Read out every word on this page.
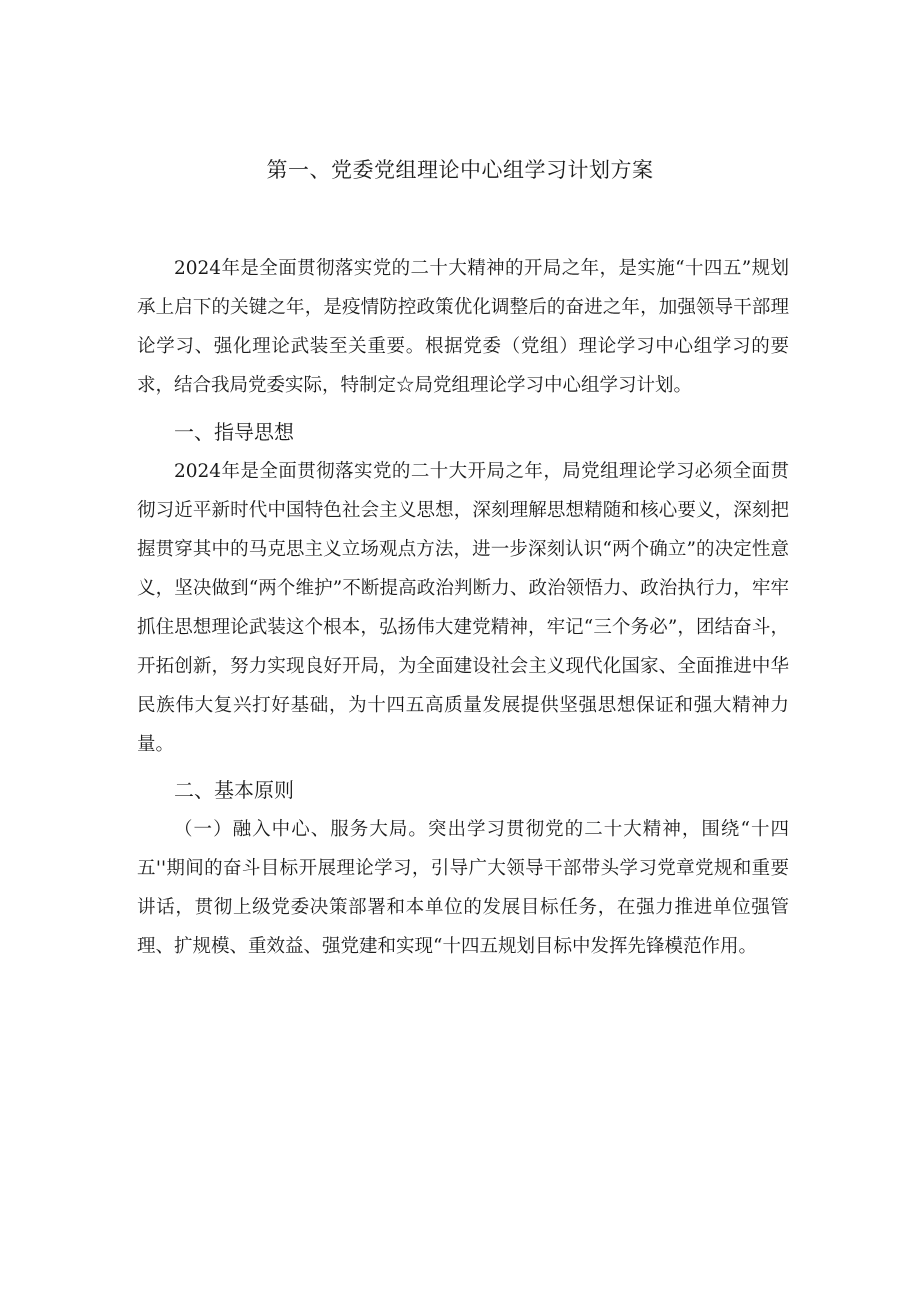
第一、党委党组理论中心组学习计划方案

2024年是全面贯彻落实党的二十大精神的开局之年，是实施“十四五”规划承上启下的关键之年，是疫情防控政策优化调整后的奋进之年，加强领导干部理论学习、强化理论武装至关重要。根据党委（党组）理论学习中心组学习的要求，结合我局党委实际，特制定☆局党组理论学习中心组学习计划。

一、指导思想

2024年是全面贯彻落实党的二十大开局之年，局党组理论学习必须全面贯彻习近平新时代中国特色社会主义思想，深刻理解思想精随和核心要义，深刻把握贯穿其中的马克思主义立场观点方法，进一步深刻认识“两个确立”的决定性意义，坚决做到“两个维护”不断提高政治判断力、政治领悟力、政治执行力，牢牢抓住思想理论武装这个根本，弘扬伟大建党精神，牢记“三个务必”，团结奋斗，开拓创新，努力实现良好开局，为全面建设社会主义现代化国家、全面推进中华民族伟大复兴打好基础，为十四五高质量发展提供坚强思想保证和强大精神力量。

二、基本原则

（一）融入中心、服务大局。突出学习贯彻党的二十大精神，围绕“十四五''期间的奋斗目标开展理论学习，引导广大领导干部带头学习党章党规和重要讲话，贯彻上级党委决策部署和本单位的发展目标任务，在强力推进单位强管理、扩规模、重效益、强党建和实现“十四五规划目标中发挥先锋模范作用。
